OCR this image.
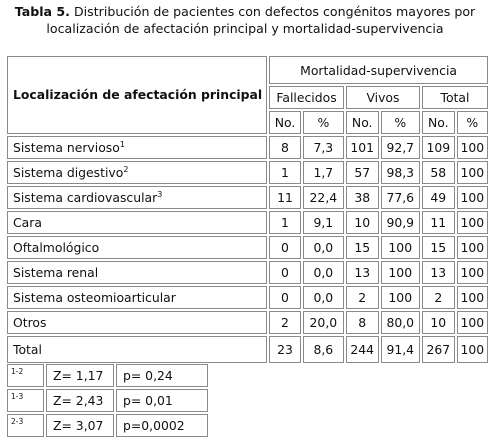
Tabla 5. Distribución de pacientes con defectos congénitos mayores por localización de afectación principal y mortalidad-supervivencia
Localización de afectación principal	Mortalidad-supervivencia					
	Fallecidos		Vivos		Total	
	No.	%	No.	%	No.	%
Sistema nervioso$^1$	8	7,3	101	92,7	109	100
Sistema digestivo$^2$	1	1,7	57	98,3	58	100
Sistema cardiovascular$^3$	11	22,4	38	77,6	49	100
Cara	1	9,1	10	90,9	11	100
Oftalmológico	0	0,0	15	100	15	100
Sistema renal	0	0,0	13	100	13	100
Sistema osteomioarticular	0	0,0	2	100	2	100
Otros	2	20,0	8	80,0	10	100
Total	23	8,6	244	91,4	267	100
1-2	Z= 1,17	p= 0,24
1-3	Z= 2,43	p= 0,01
2-3	Z= 3,07	p=0,0002
